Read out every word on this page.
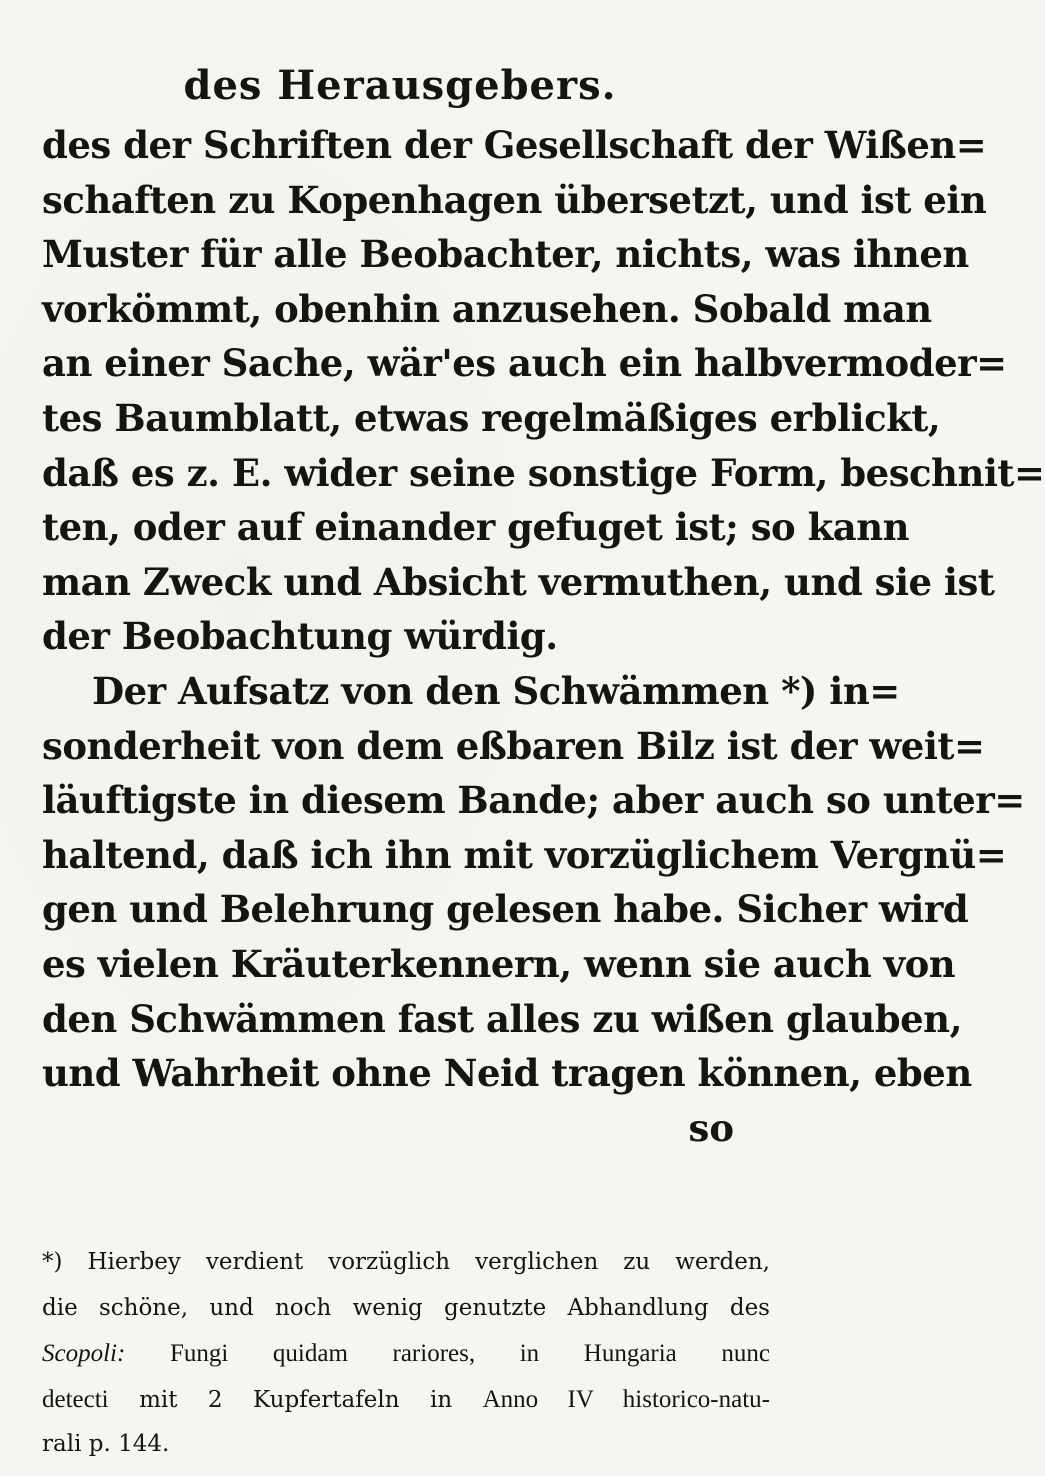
des Herausgebers.
des der Schriften der Gesellschaft der Wißen=
schaften zu Kopenhagen übersetzt, und ist ein
Muster für alle Beobachter, nichts, was ihnen
vorkömmt, obenhin anzusehen. Sobald man
an einer Sache, wär'es auch ein halbvermoder=
tes Baumblatt, etwas regelmäßiges erblickt,
daß es z. E. wider seine sonstige Form, beschnit=
ten, oder auf einander gefuget ist; so kann
man Zweck und Absicht vermuthen, und sie ist
der Beobachtung würdig.
Der Aufsatz von den Schwämmen *) in=
sonderheit von dem eßbaren Bilz ist der weit=
läuftigste in diesem Bande; aber auch so unter=
haltend, daß ich ihn mit vorzüglichem Vergnü=
gen und Belehrung gelesen habe. Sicher wird
es vielen Kräuterkennern, wenn sie auch von
den Schwämmen fast alles zu wißen glauben,
und Wahrheit ohne Neid tragen können, eben
so
*) Hierbey verdient vorzüglich verglichen zu werden,
die schöne, und noch wenig genutzte Abhandlung des
Scopoli: Fungi quidam rariores, in Hungaria nunc
detecti mit 2 Kupfertafeln in Anno IV historico-natu-
rali p. 144.
